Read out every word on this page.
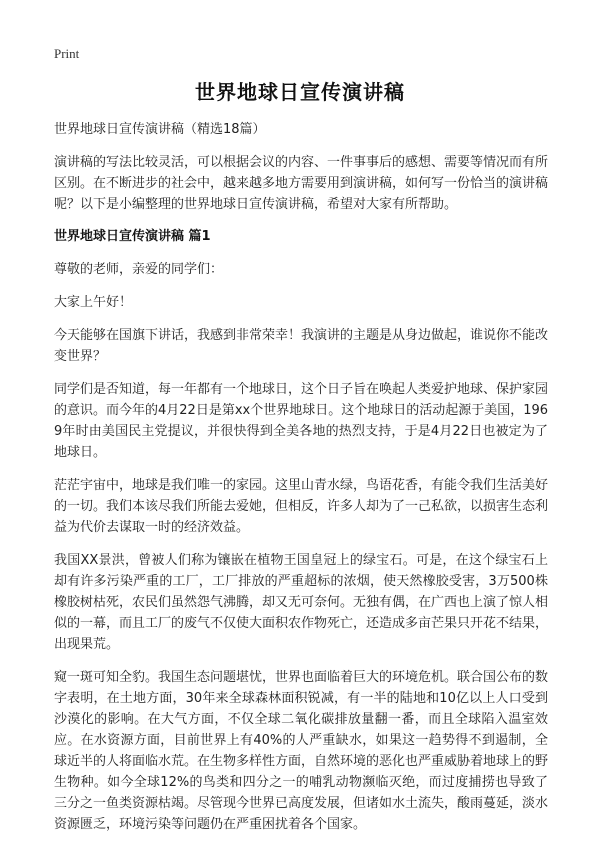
Print
世界地球日宣传演讲稿

世界地球日宣传演讲稿（精选18篇）

演讲稿的写法比较灵活，可以根据会议的内容、一件事事后的感想、需要等情况而有所区别。在不断进步的社会中，越来越多地方需要用到演讲稿，如何写一份恰当的演讲稿呢？以下是小编整理的世界地球日宣传演讲稿，希望对大家有所帮助。

世界地球日宣传演讲稿 篇1

尊敬的老师，亲爱的同学们：

大家上午好！

今天能够在国旗下讲话，我感到非常荣幸！我演讲的主题是从身边做起，谁说你不能改变世界？

同学们是否知道，每一年都有一个地球日，这个日子旨在唤起人类爱护地球、保护家园的意识。而今年的4月22日是第xx个世界地球日。这个地球日的活动起源于美国，1969年时由美国民主党提议，并很快得到全美各地的热烈支持，于是4月22日也被定为了地球日。

茫茫宇宙中，地球是我们唯一的家园。这里山青水绿，鸟语花香，有能令我们生活美好的一切。我们本该尽我们所能去爱她，但相反，许多人却为了一己私欲，以损害生态利益为代价去谋取一时的经济效益。

我国XX景洪，曾被人们称为镶嵌在植物王国皇冠上的绿宝石。可是，在这个绿宝石上却有许多污染严重的工厂，工厂排放的严重超标的浓烟，使天然橡胶受害，3万500株橡胶树枯死，农民们虽然怨气沸腾，却又无可奈何。无独有偶，在广西也上演了惊人相似的一幕，而且工厂的废气不仅使大面积农作物死亡，还造成多亩芒果只开花不结果，出现果荒。

窥一斑可知全豹。我国生态问题堪忧，世界也面临着巨大的环境危机。联合国公布的数字表明，在土地方面，30年来全球森林面积锐减，有一半的陆地和10亿以上人口受到沙漠化的影响。在大气方面，不仅全球二氧化碳排放量翻一番，而且全球陷入温室效应。在水资源方面，目前世界上有40%的人严重缺水，如果这一趋势得不到遏制，全球近半的人将面临水荒。在生物多样性方面，自然环境的恶化也严重威胁着地球上的野生物种。如今全球12%的鸟类和四分之一的哺乳动物濒临灭绝，而过度捕捞也导致了三分之一鱼类资源枯竭。尽管现今世界已高度发展，但诸如水土流失，酸雨蔓延，淡水资源匮乏，环境污染等问题仍在严重困扰着各个国家。
